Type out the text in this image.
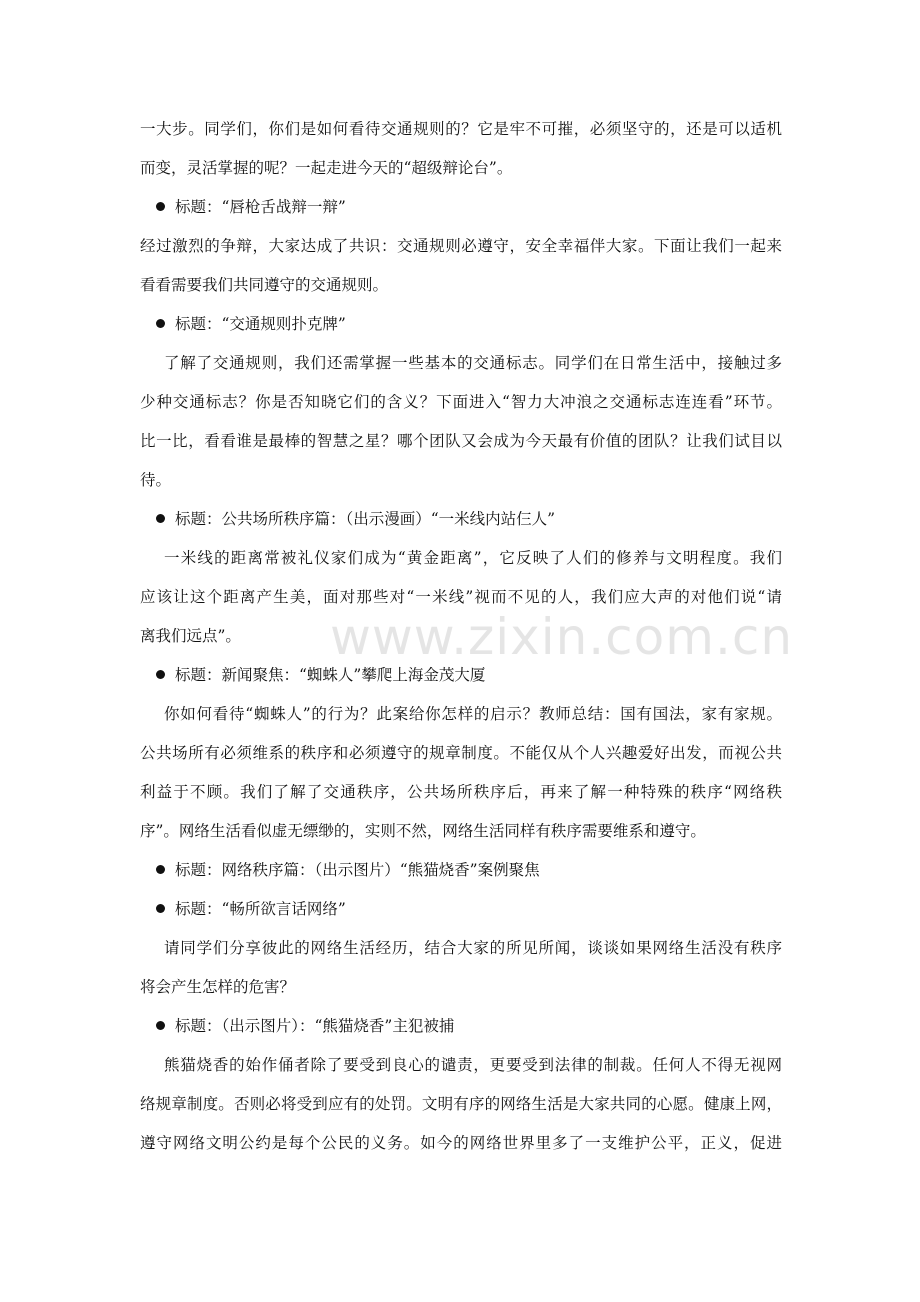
www.zixin.com.cn

一大步。同学们，你们是如何看待交通规则的？它是牢不可摧，必须坚守的，还是可以适机

而变，灵活掌握的呢？一起走进今天的“超级辩论台”。

标题：“唇枪舌战辩一辩”

经过激烈的争辩，大家达成了共识：交通规则必遵守，安全幸福伴大家。下面让我们一起来

看看需要我们共同遵守的交通规则。

标题：“交通规则扑克牌”

了解了交通规则，我们还需掌握一些基本的交通标志。同学们在日常生活中，接触过多

少种交通标志？你是否知晓它们的含义？下面进入“智力大冲浪之交通标志连连看”环节。

比一比，看看谁是最棒的智慧之星？哪个团队又会成为今天最有价值的团队？让我们试目以

待。

标题：公共场所秩序篇：（出示漫画）“一米线内站仨人”

一米线的距离常被礼仪家们成为“黄金距离”，它反映了人们的修养与文明程度。我们

应该让这个距离产生美，面对那些对“一米线”视而不见的人，我们应大声的对他们说“请

离我们远点”。

标题：新闻聚焦：“蜘蛛人”攀爬上海金茂大厦

你如何看待“蜘蛛人”的行为？此案给你怎样的启示？教师总结：国有国法，家有家规。

公共场所有必须维系的秩序和必须遵守的规章制度。不能仅从个人兴趣爱好出发，而视公共

利益于不顾。我们了解了交通秩序，公共场所秩序后，再来了解一种特殊的秩序“网络秩

序”。网络生活看似虚无缥缈的，实则不然，网络生活同样有秩序需要维系和遵守。

标题：网络秩序篇：（出示图片）“熊猫烧香”案例聚焦
标题：“畅所欲言话网络”

请同学们分享彼此的网络生活经历，结合大家的所见所闻，谈谈如果网络生活没有秩序

将会产生怎样的危害？

标题：（出示图片）：“熊猫烧香”主犯被捕

熊猫烧香的始作俑者除了要受到良心的谴责，更要受到法律的制裁。任何人不得无视网

络规章制度。否则必将受到应有的处罚。文明有序的网络生活是大家共同的心愿。健康上网，

遵守网络文明公约是每个公民的义务。如今的网络世界里多了一支维护公平，正义，促进
